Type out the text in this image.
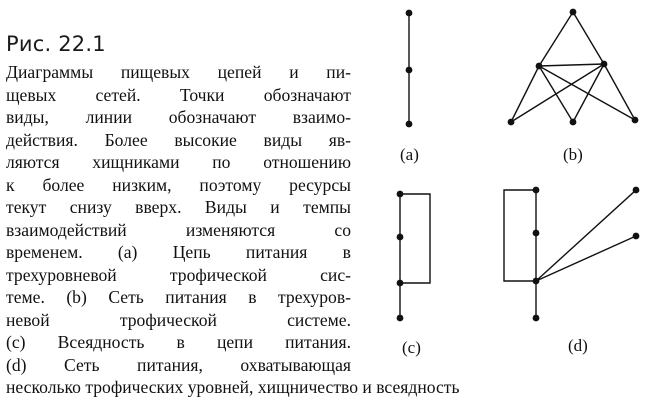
Рис. 22.1
Диаграммы пищевых цепей и пи-
щевых сетей. Точки обозначают
виды, линии обозначают взаимо-
действия. Более высокие виды яв-
ляются хищниками по отношению
к более низким, поэтому ресурсы
текут снизу вверх. Виды и темпы
взаимодействий изменяются со
временем. (a) Цепь питания в
трехуровневой трофической сис-
теме. (b) Сеть питания в трехуров-
невой трофической системе.
(c) Всеядность в цепи питания.
(d) Сеть питания, охватывающая
несколько трофических уровней, хищничество и всеядность
(a)	(b)
(c)	(d)
